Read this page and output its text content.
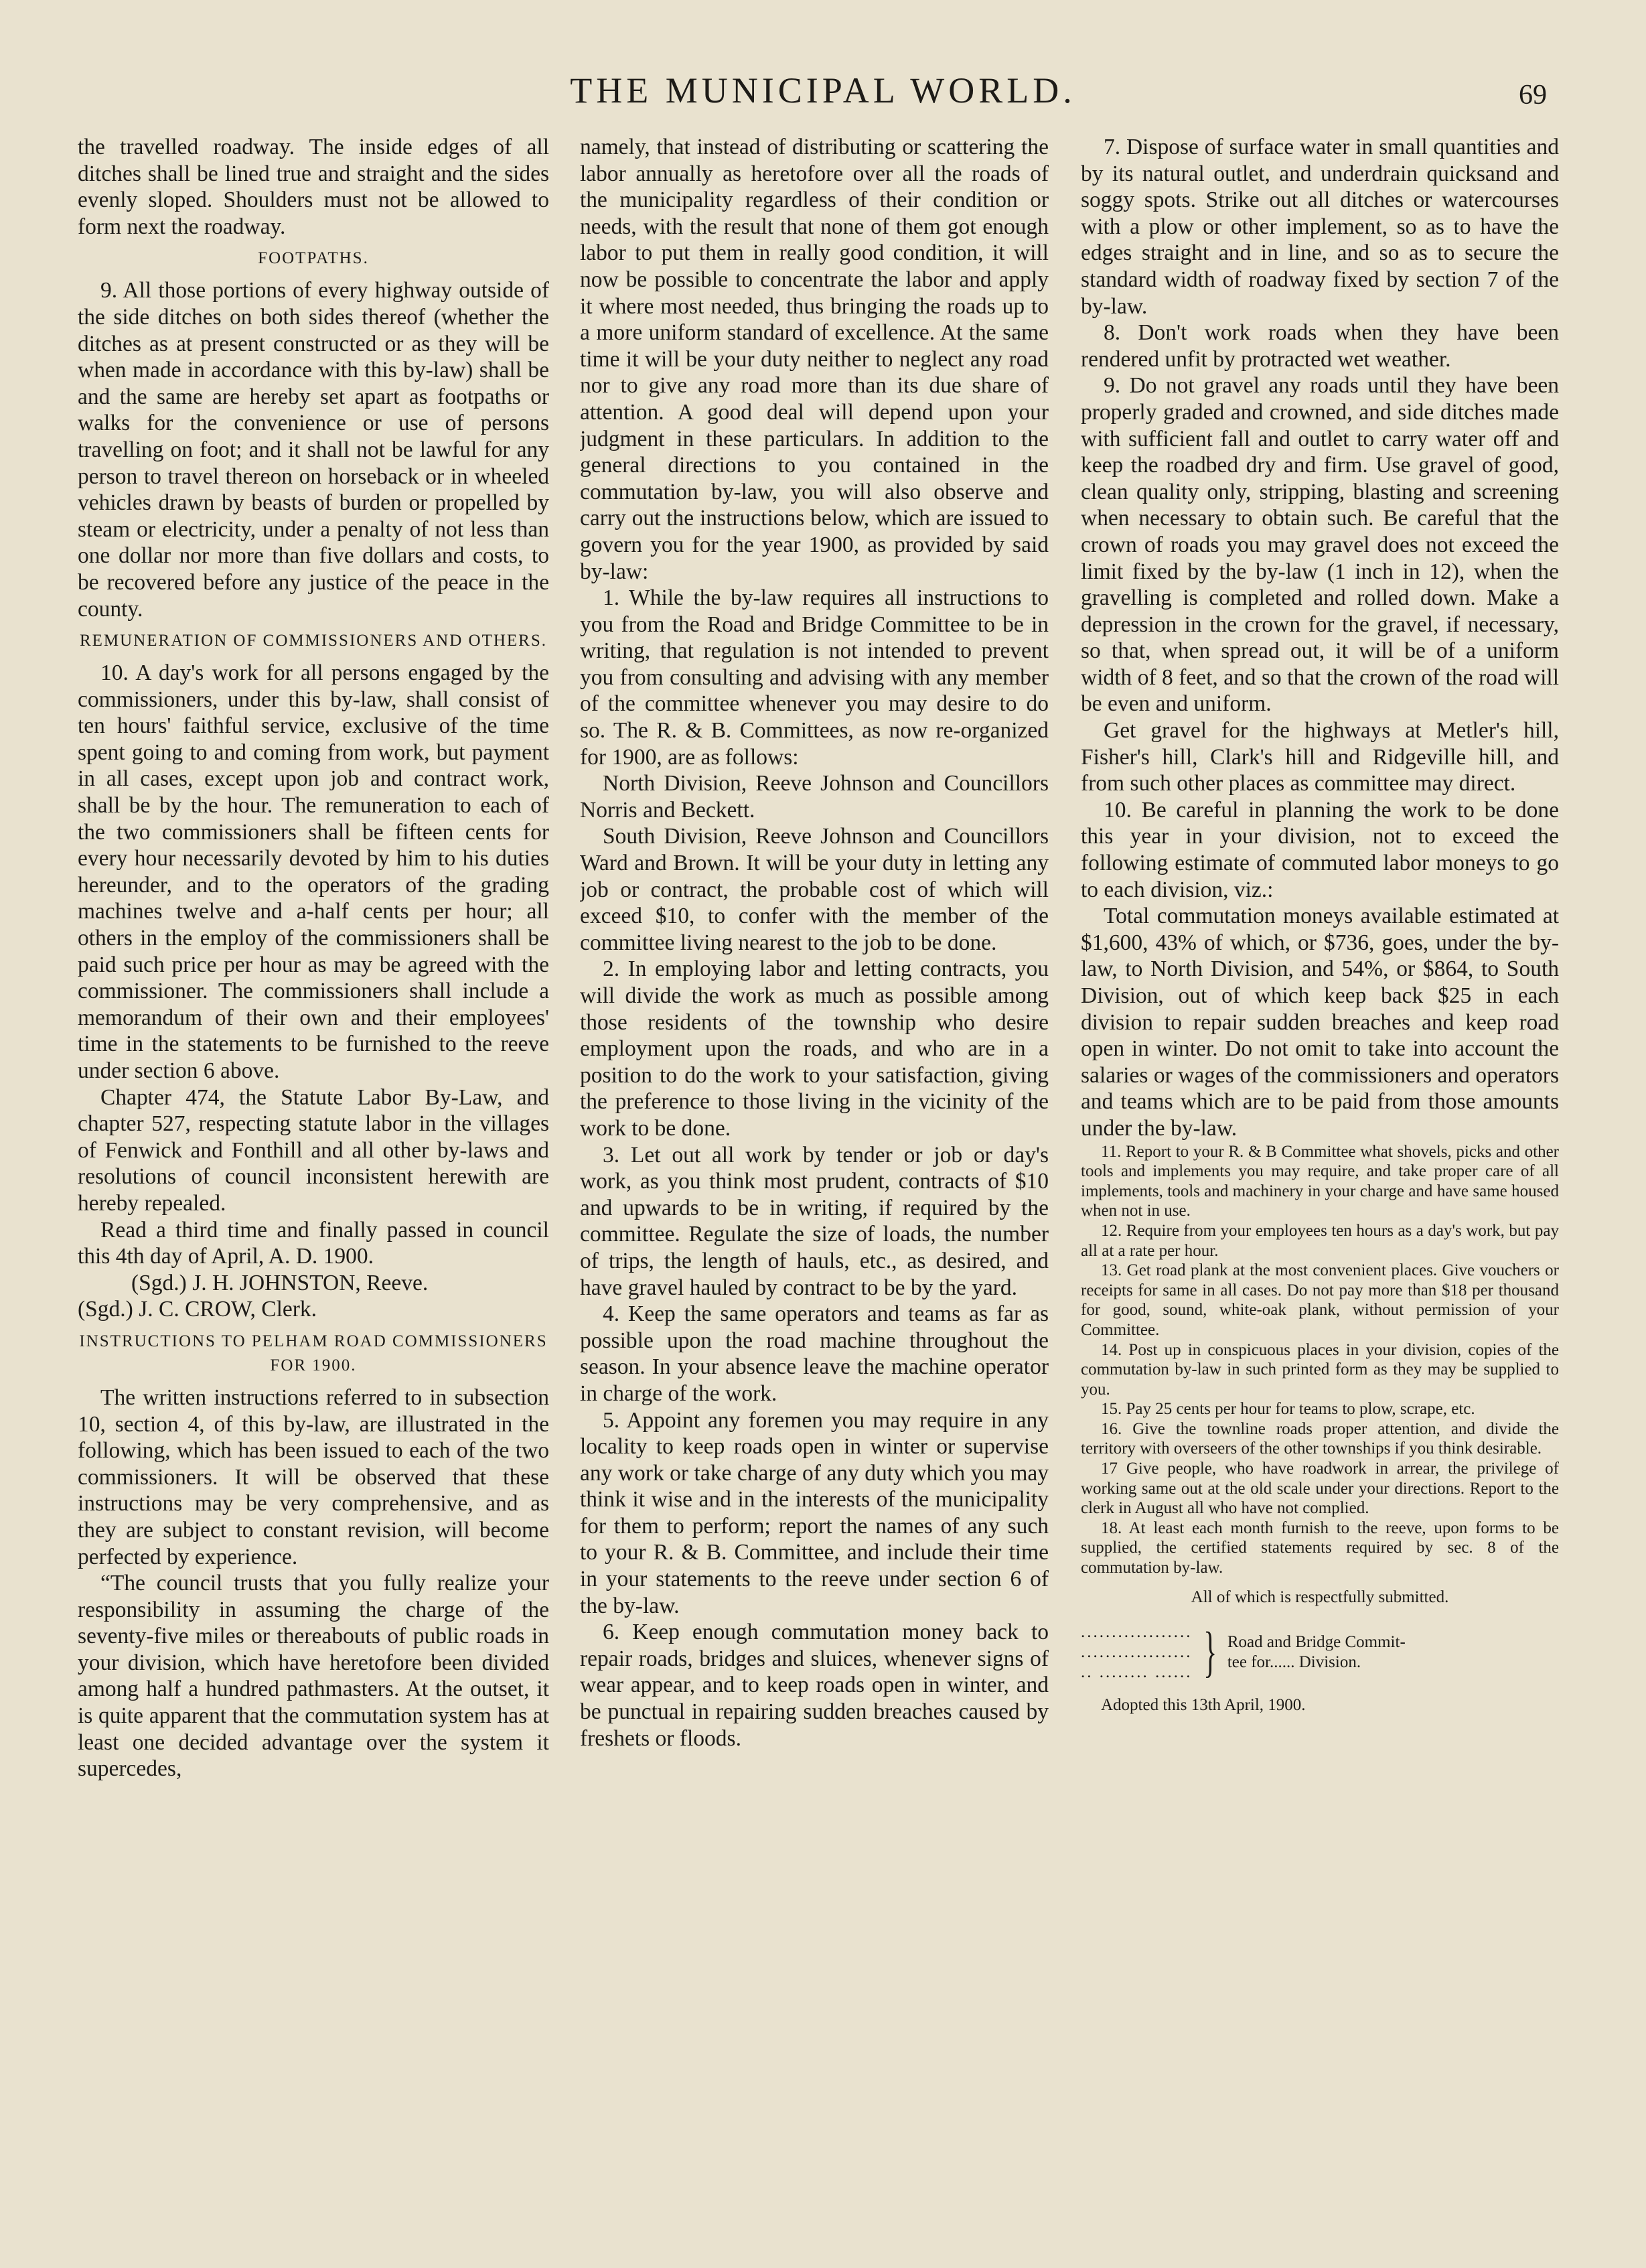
THE MUNICIPAL WORLD.	69

the travelled roadway. The inside edges of all ditches shall be lined true and straight and the sides evenly sloped. Shoulders must not be allowed to form next the roadway.

FOOTPATHS.

9. All those portions of every highway outside of the side ditches on both sides thereof (whether the ditches as at present constructed or as they will be when made in accordance with this by-law) shall be and the same are hereby set apart as footpaths or walks for the convenience or use of persons travelling on foot; and it shall not be lawful for any person to travel thereon on horseback or in wheeled vehicles drawn by beasts of burden or propelled by steam or electricity, under a penalty of not less than one dollar nor more than five dollars and costs, to be recovered before any justice of the peace in the county.

REMUNERATION OF COMMISSIONERS AND OTHERS.

10. A day's work for all persons engaged by the commissioners, under this by-law, shall consist of ten hours' faithful service, exclusive of the time spent going to and coming from work, but payment in all cases, except upon job and contract work, shall be by the hour. The remuneration to each of the two commissioners shall be fifteen cents for every hour necessarily devoted by him to his duties hereunder, and to the operators of the grading machines twelve and a-half cents per hour; all others in the employ of the commissioners shall be paid such price per hour as may be agreed with the commissioner. The commissioners shall include a memorandum of their own and their employees' time in the statements to be furnished to the reeve under section 6 above.

Chapter 474, the Statute Labor By-Law, and chapter 527, respecting statute labor in the villages of Fenwick and Fonthill and all other by-laws and resolutions of council inconsistent herewith are hereby repealed.

Read a third time and finally passed in council this 4th day of April, A. D. 1900.

(Sgd.) J. H. JOHNSTON, Reeve.

(Sgd.) J. C. CROW, Clerk.

INSTRUCTIONS TO PELHAM ROAD COMMISSIONERS FOR 1900.

The written instructions referred to in subsection 10, section 4, of this by-law, are illustrated in the following, which has been issued to each of the two commissioners. It will be observed that these instructions may be very comprehensive, and as they are subject to constant revision, will become perfected by experience.

“The council trusts that you fully realize your responsibility in assuming the charge of the seventy-five miles or thereabouts of public roads in your division, which have heretofore been divided among half a hundred pathmasters. At the outset, it is quite apparent that the commutation system has at least one decided advantage over the system it supercedes,

namely, that instead of distributing or scattering the labor annually as heretofore over all the roads of the municipality regardless of their condition or needs, with the result that none of them got enough labor to put them in really good condition, it will now be possible to concentrate the labor and apply it where most needed, thus bringing the roads up to a more uniform standard of excellence. At the same time it will be your duty neither to neglect any road nor to give any road more than its due share of attention. A good deal will depend upon your judgment in these particulars. In addition to the general directions to you contained in the commutation by-law, you will also observe and carry out the instructions below, which are issued to govern you for the year 1900, as provided by said by-law:

1. While the by-law requires all instructions to you from the Road and Bridge Committee to be in writing, that regulation is not intended to prevent you from consulting and advising with any member of the committee whenever you may desire to do so. The R. & B. Committees, as now re-organized for 1900, are as follows:

North Division, Reeve Johnson and Councillors Norris and Beckett.

South Division, Reeve Johnson and Councillors Ward and Brown. It will be your duty in letting any job or contract, the probable cost of which will exceed $10, to confer with the member of the committee living nearest to the job to be done.

2. In employing labor and letting contracts, you will divide the work as much as possible among those residents of the township who desire employment upon the roads, and who are in a position to do the work to your satisfaction, giving the preference to those living in the vicinity of the work to be done.

3. Let out all work by tender or job or day's work, as you think most prudent, contracts of $10 and upwards to be in writing, if required by the committee. Regulate the size of loads, the number of trips, the length of hauls, etc., as desired, and have gravel hauled by contract to be by the yard.

4. Keep the same operators and teams as far as possible upon the road machine throughout the season. In your absence leave the machine operator in charge of the work.

5. Appoint any foremen you may require in any locality to keep roads open in winter or supervise any work or take charge of any duty which you may think it wise and in the interests of the municipality for them to perform; report the names of any such to your R. & B. Committee, and include their time in your statements to the reeve under section 6 of the by-law.

6. Keep enough commutation money back to repair roads, bridges and sluices, whenever signs of wear appear, and to keep roads open in winter, and be punctual in repairing sudden breaches caused by freshets or floods.

7. Dispose of surface water in small quantities and by its natural outlet, and underdrain quicksand and soggy spots. Strike out all ditches or watercourses with a plow or other implement, so as to have the edges straight and in line, and so as to secure the standard width of roadway fixed by section 7 of the by-law.

8. Don't work roads when they have been rendered unfit by protracted wet weather.

9. Do not gravel any roads until they have been properly graded and crowned, and side ditches made with sufficient fall and outlet to carry water off and keep the roadbed dry and firm. Use gravel of good, clean quality only, stripping, blasting and screening when necessary to obtain such. Be careful that the crown of roads you may gravel does not exceed the limit fixed by the by-law (1 inch in 12), when the gravelling is completed and rolled down. Make a depression in the crown for the gravel, if necessary, so that, when spread out, it will be of a uniform width of 8 feet, and so that the crown of the road will be even and uniform.

Get gravel for the highways at Metler's hill, Fisher's hill, Clark's hill and Ridgeville hill, and from such other places as committee may direct.

10. Be careful in planning the work to be done this year in your division, not to exceed the following estimate of commuted labor moneys to go to each division, viz.:

Total commutation moneys available estimated at $1,600, 43% of which, or $736, goes, under the by-law, to North Division, and 54%, or $864, to South Division, out of which keep back $25 in each division to repair sudden breaches and keep road open in winter. Do not omit to take into account the salaries or wages of the commissioners and operators and teams which are to be paid from those amounts under the by-law.

11. Report to your R. & B Committee what shovels, picks and other tools and implements you may require, and take proper care of all implements, tools and machinery in your charge and have same housed when not in use.

12. Require from your employees ten hours as a day's work, but pay all at a rate per hour.

13. Get road plank at the most convenient places. Give vouchers or receipts for same in all cases. Do not pay more than $18 per thousand for good, sound, white-oak plank, without permission of your Committee.

14. Post up in conspicuous places in your division, copies of the commutation by-law in such printed form as they may be supplied to you.

15. Pay 25 cents per hour for teams to plow, scrape, etc.

16. Give the townline roads proper attention, and divide the territory with overseers of the other townships if you think desirable.

17 Give people, who have roadwork in arrear, the privilege of working same out at the old scale under your directions. Report to the clerk in August all who have not complied.

18. At least each month furnish to the reeve, upon forms to be supplied, the certified statements required by sec. 8 of the commutation by-law.

All of which is respectfully submitted.
..................
..................
.. ........ ...... } Road and Bridge Commit-
tee for...... Division.
Adopted this 13th April, 1900.
